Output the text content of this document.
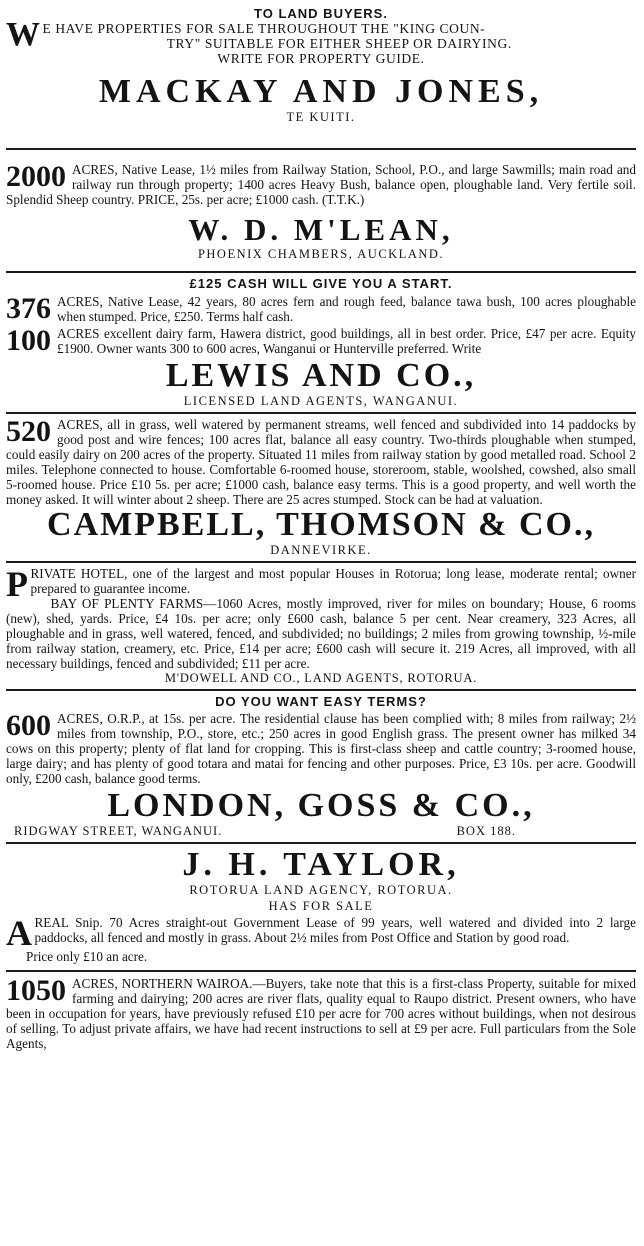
TO LAND BUYERS.
W E HAVE PROPERTIES FOR SALE THROUGHOUT THE "KING COUN-
TRY" SUITABLE FOR EITHER SHEEP OR DAIRYING.
WRITE FOR PROPERTY GUIDE.
MACKAY AND JONES,
TE KUITI.

2000 ACRES, Native Lease, 1½ miles from Railway Station, School, P.O., and large Sawmills; main road and railway run through property; 1400 acres Heavy Bush, balance open, ploughable land. Very fertile soil. Splendid Sheep country. PRICE, 25s. per acre; £1000 cash. (T.T.K.)

W. D. M'LEAN,
PHOENIX CHAMBERS, AUCKLAND.
£125 CASH WILL GIVE YOU A START.

376 ACRES, Native Lease, 42 years, 80 acres fern and rough feed, balance tawa bush, 100 acres ploughable when stumped. Price, £250. Terms half cash.

100 ACRES excellent dairy farm, Hawera district, good buildings, all in best order. Price, £47 per acre. Equity £1900. Owner wants 300 to 600 acres, Wanganui or Hunterville preferred. Write

LEWIS AND CO.,
LICENSED LAND AGENTS, WANGANUI.

520 ACRES, all in grass, well watered by permanent streams, well fenced and subdivided into 14 paddocks by good post and wire fences; 100 acres flat, balance all easy country. Two-thirds ploughable when stumped, could easily dairy on 200 acres of the property. Situated 11 miles from railway station by good metalled road. School 2 miles. Telephone connected to house. Comfortable 6-roomed house, storeroom, stable, woolshed, cowshed, also small 5-roomed house. Price £10 5s. per acre; £1000 cash, balance easy terms. This is a good property, and well worth the money asked. It will winter about 2 sheep. There are 25 acres stumped. Stock can be had at valuation.

CAMPBELL, THOMSON & CO.,
DANNEVIRKE.

P RIVATE HOTEL, one of the largest and most popular Houses in Rotorua; long lease, moderate rental; owner prepared to guarantee income.

BAY OF PLENTY FARMS—1060 Acres, mostly improved, river for miles on boundary; House, 6 rooms (new), shed, yards. Price, £4 10s. per acre; only £600 cash, balance 5 per cent. Near creamery, 323 Acres, all ploughable and in grass, well watered, fenced, and subdivided; no buildings; 2 miles from growing township, ½-mile from railway station, creamery, etc. Price, £14 per acre; £600 cash will secure it. 219 Acres, all improved, with all necessary buildings, fenced and subdivided; £11 per acre.

M'DOWELL AND CO., LAND AGENTS, ROTORUA.
DO YOU WANT EASY TERMS?

600 ACRES, O.R.P., at 15s. per acre. The residential clause has been complied with; 8 miles from railway; 2½ miles from township, P.O., store, etc.; 250 acres in good English grass. The present owner has milked 34 cows on this property; plenty of flat land for cropping. This is first-class sheep and cattle country; 3-roomed house, large dairy; and has plenty of good totara and matai for fencing and other purposes. Price, £3 10s. per acre. Goodwill only, £200 cash, balance good terms.

LONDON, GOSS & CO.,
RIDGWAY STREET, WANGANUI.	BOX 188.
J. H. TAYLOR,
ROTORUA LAND AGENCY, ROTORUA.
HAS FOR SALE

A REAL Snip. 70 Acres straight-out Government Lease of 99 years, well watered and divided into 2 large paddocks, all fenced and mostly in grass. About 2½ miles from Post Office and Station by good road.

Price only £10 an acre.

1050 ACRES, NORTHERN WAIROA.—Buyers, take note that this is a first-class Property, suitable for mixed farming and dairying; 200 acres are river flats, quality equal to Raupo district. Present owners, who have been in occupation for years, have previously refused £10 per acre for 700 acres without buildings, when not desirous of selling. To adjust private affairs, we have had recent instructions to sell at £9 per acre. Full particulars from the Sole Agents,
